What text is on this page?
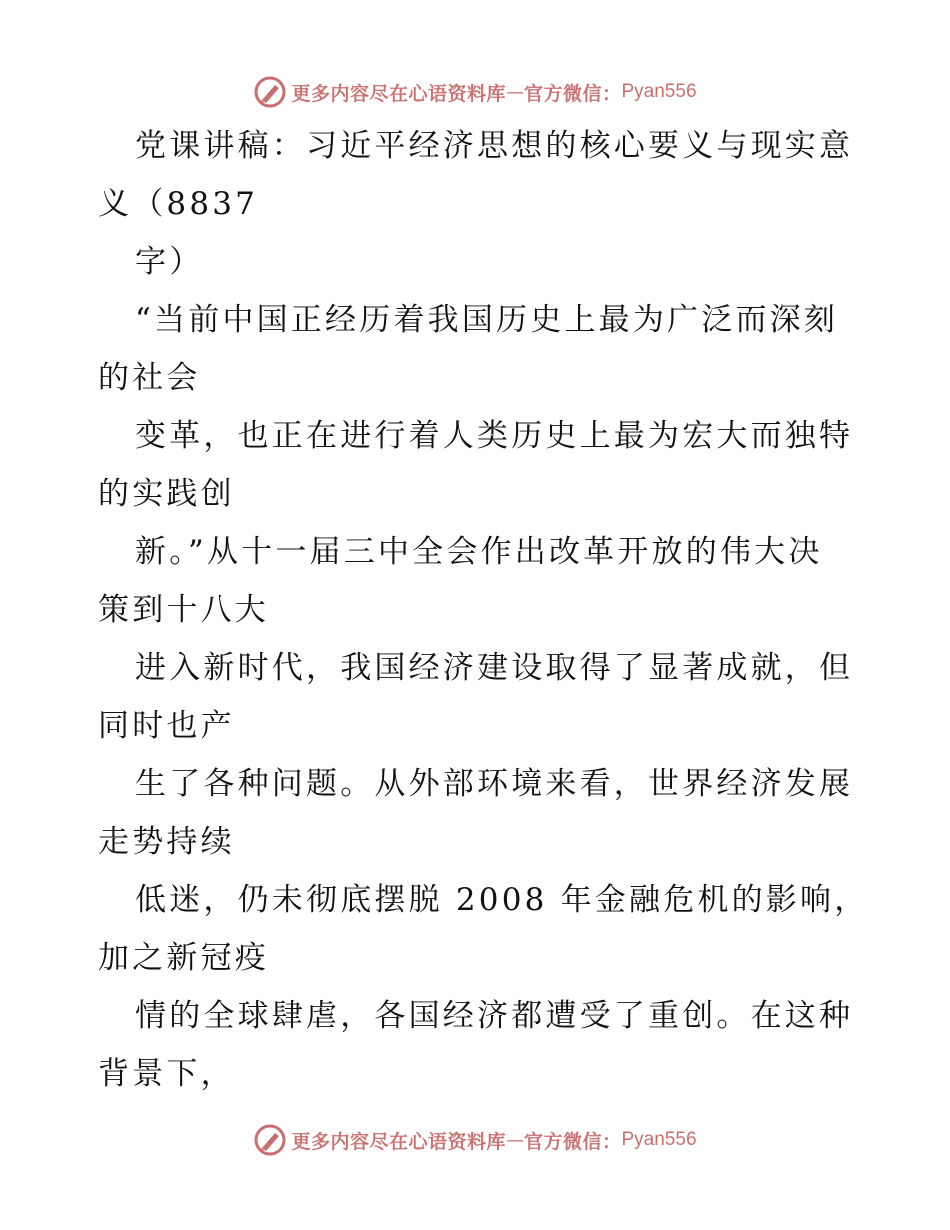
更多内容尽在心语资料库 — 官方微信： Pyan556
党课讲稿：习近平经济思想的核心要义与现实意
义（8837
字）
“当前中国正经历着我国历史上最为广泛而深刻
的社会
变革，也正在进行着人类历史上最为宏大而独特
的实践创
新。”从十一届三中全会作出改革开放的伟大决
策到十八大
进入新时代，我国经济建设取得了显著成就，但
同时也产
生了各种问题。从外部环境来看，世界经济发展
走势持续
低迷，仍未彻底摆脱 2008 年金融危机的影响，
加之新冠疫
情的全球肆虐，各国经济都遭受了重创。在这种
背景下，
更多内容尽在心语资料库 — 官方微信： Pyan556
